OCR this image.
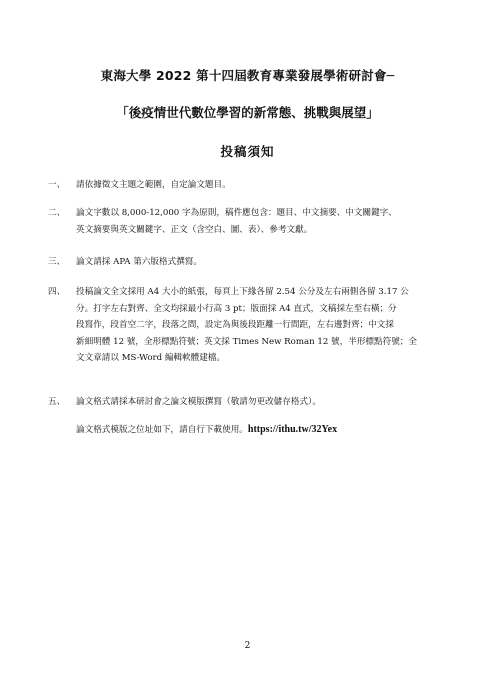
東海大學 2022 第十四屆教育專業發展學術研討會─
「後疫情世代數位學習的新常態、挑戰與展望」
投稿須知
一、	請依據徵文主題之範圍，自定論文題目。
二、	論文字數以 8,000-12,000 字為原則，稿件應包含：題目、中文摘要、中文關鍵字、
英文摘要與英文關鍵字、正文（含空白、圖、表）、參考文獻。
三、	論文請採 APA 第六版格式撰寫。
四、	投稿論文全文採用 A4 大小的紙張，每頁上下緣各留 2.54 公分及左右兩側各留 3.17 公
分。打字左右對齊、全文均採最小行高 3 pt；版面採 A4 直式，文稿採左至右橫；分
段寫作，段首空二字，段落之間，設定為與後段距離一行間距，左右邊對齊；中文採
新細明體 12 號，全形標點符號；英文採 Times New Roman 12 號，半形標點符號；全
文文章請以 MS-Word 編輯軟體建檔。
五、	論文格式請採本研討會之論文模版撰寫（敬請勿更改儲存格式）。
論文格式模版之位址如下，請自行下載使用。https://ithu.tw/32Yex
2
